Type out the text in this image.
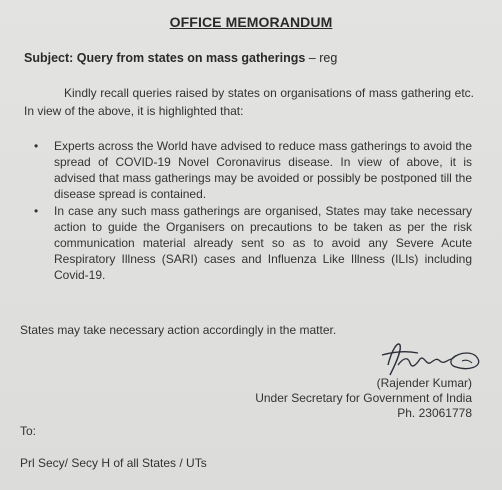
OFFICE MEMORANDUM
Subject: Query from states on mass gatherings – reg
Kindly recall queries raised by states on organisations of mass gathering etc. In view of the above, it is highlighted that:
• Experts across the World have advised to reduce mass gatherings to avoid the spread of COVID-19 Novel Coronavirus disease. In view of above, it is advised that mass gatherings may be avoided or possibly be postponed till the disease spread is contained.
• In case any such mass gatherings are organised, States may take necessary action to guide the Organisers on precautions to be taken as per the risk communication material already sent so as to avoid any Severe Acute Respiratory Illness (SARI) cases and Influenza Like Illness (ILIs) including Covid-19.
States may take necessary action accordingly in the matter.
(Rajender Kumar)
Under Secretary for Government of India
Ph. 23061778
To:
Prl Secy/ Secy H of all States / UTs
